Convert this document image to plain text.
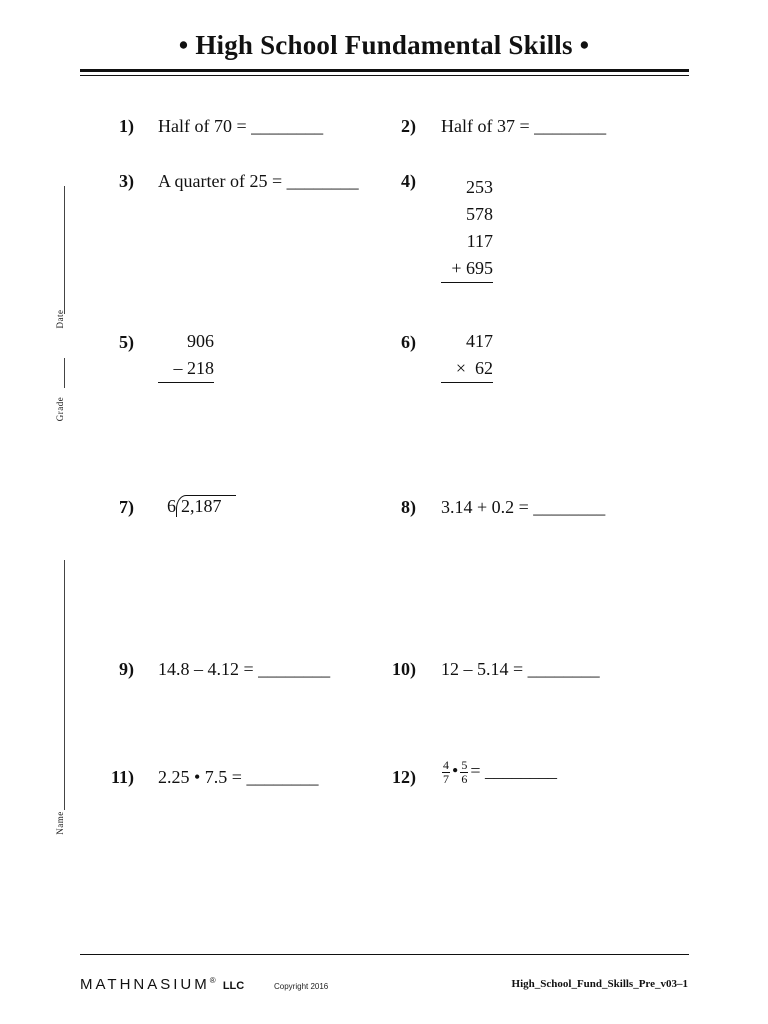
• High School Fundamental Skills •
Date
Grade
Name
1) Half of 70 = ________	2) Half of 37 = ________
3) A quarter of 25 = ________	4)	253
578
117
+ 695
5)	906
– 218
6)	417
×  62
7) 6 2,187	8) 3.14 + 0.2 = ________
9) 14.8 – 4.12 = ________	10) 12 – 5.14 = ________
11) 2.25 • 7.5 = ________	$12) \frac{4}{7}$ • $\frac{5}{6}$ = ________
MATHNASIUM® LLC	Copyright 2016	High_School_Fund_Skills_Pre_v03–1
